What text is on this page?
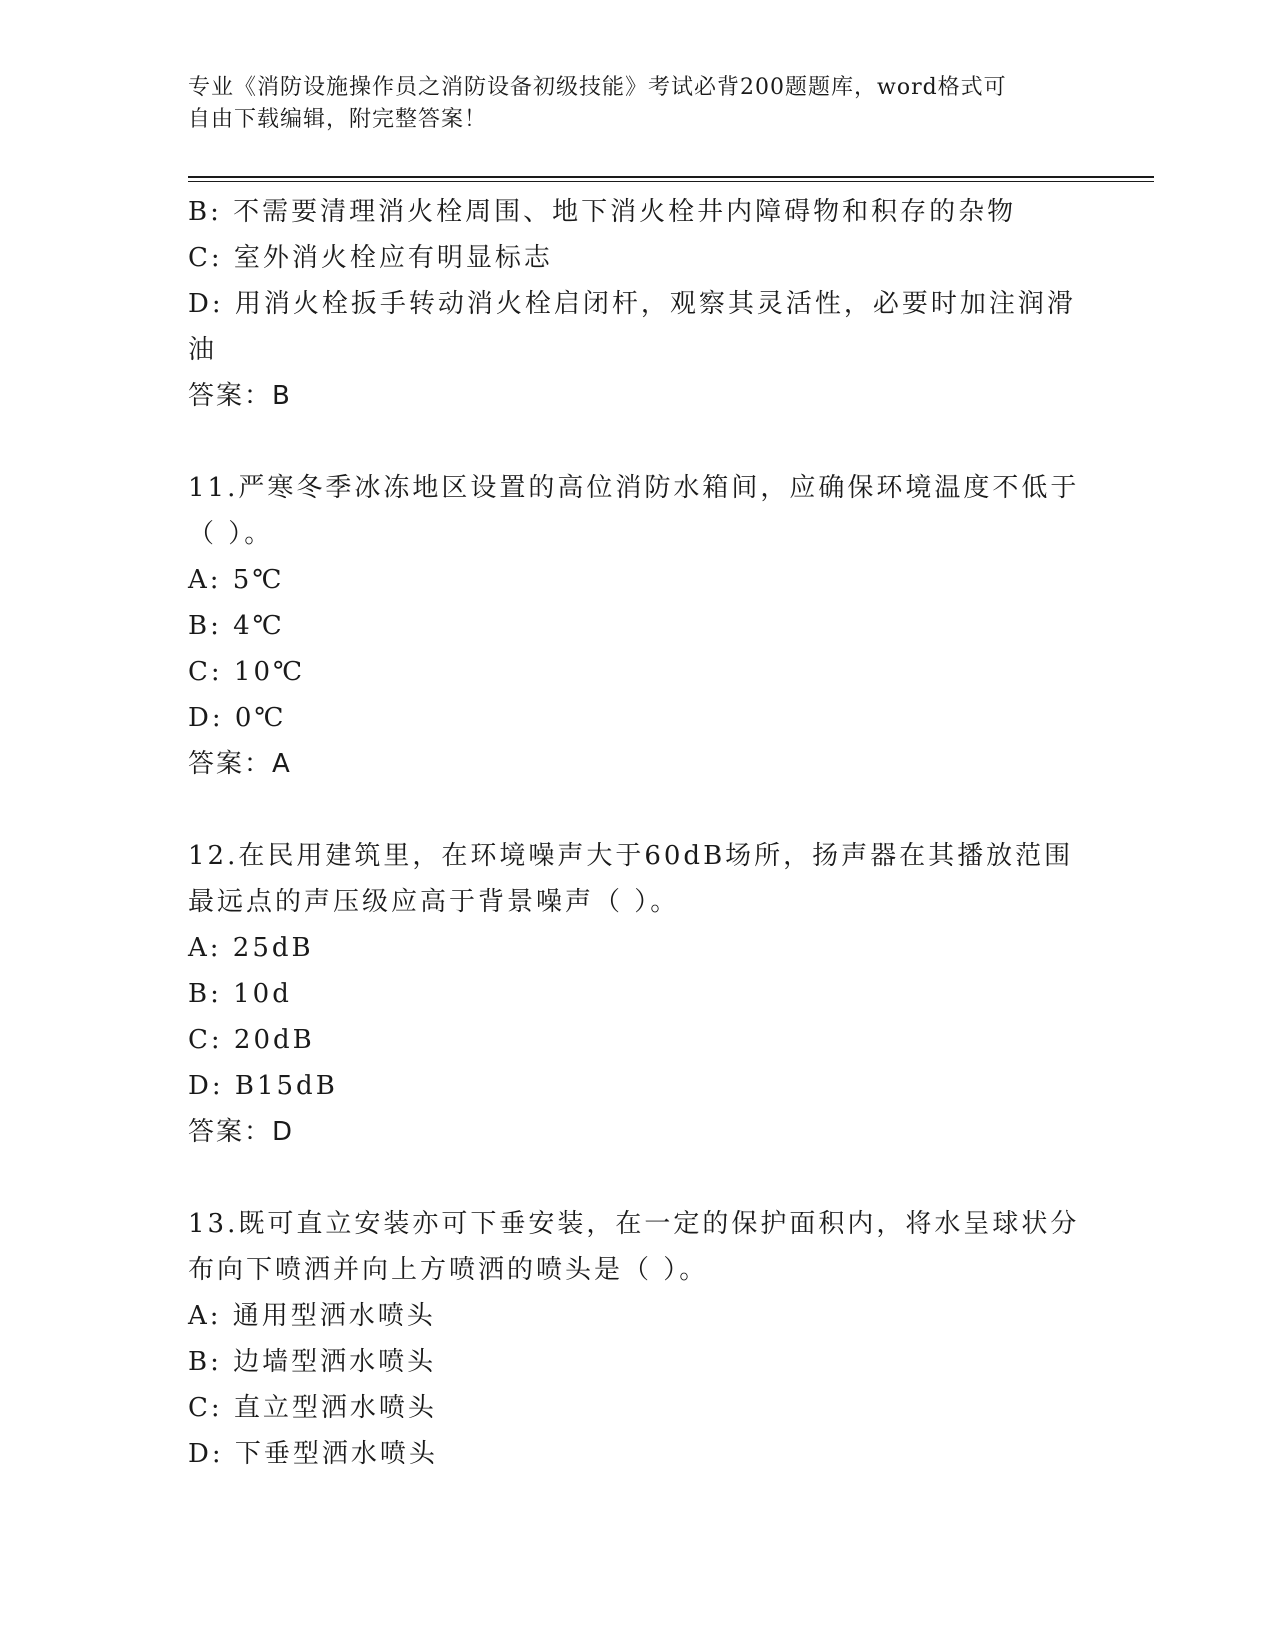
专业《消防设施操作员之消防设备初级技能》考试必背200题题库，word格式可
自由下载编辑，附完整答案！

B: 不需要清理消火栓周围、地下消火栓井内障碍物和积存的杂物

C: 室外消火栓应有明显标志

D: 用消火栓扳手转动消火栓启闭杆，观察其灵活性，必要时加注润滑

油

答案：B

11.严寒冬季冰冻地区设置的高位消防水箱间，应确保环境温度不低于

（ ）。

A: 5℃

B: 4℃

C: 10℃

D: 0℃

答案：A

12.在民用建筑里，在环境噪声大于60dB场所，扬声器在其播放范围

最远点的声压级应高于背景噪声（ ）。

A: 25dB

B: 10d

C: 20dB

D: B15dB

答案：D

13.既可直立安装亦可下垂安装，在一定的保护面积内，将水呈球状分

布向下喷洒并向上方喷洒的喷头是（ ）。

A: 通用型洒水喷头

B: 边墙型洒水喷头

C: 直立型洒水喷头

D: 下垂型洒水喷头
